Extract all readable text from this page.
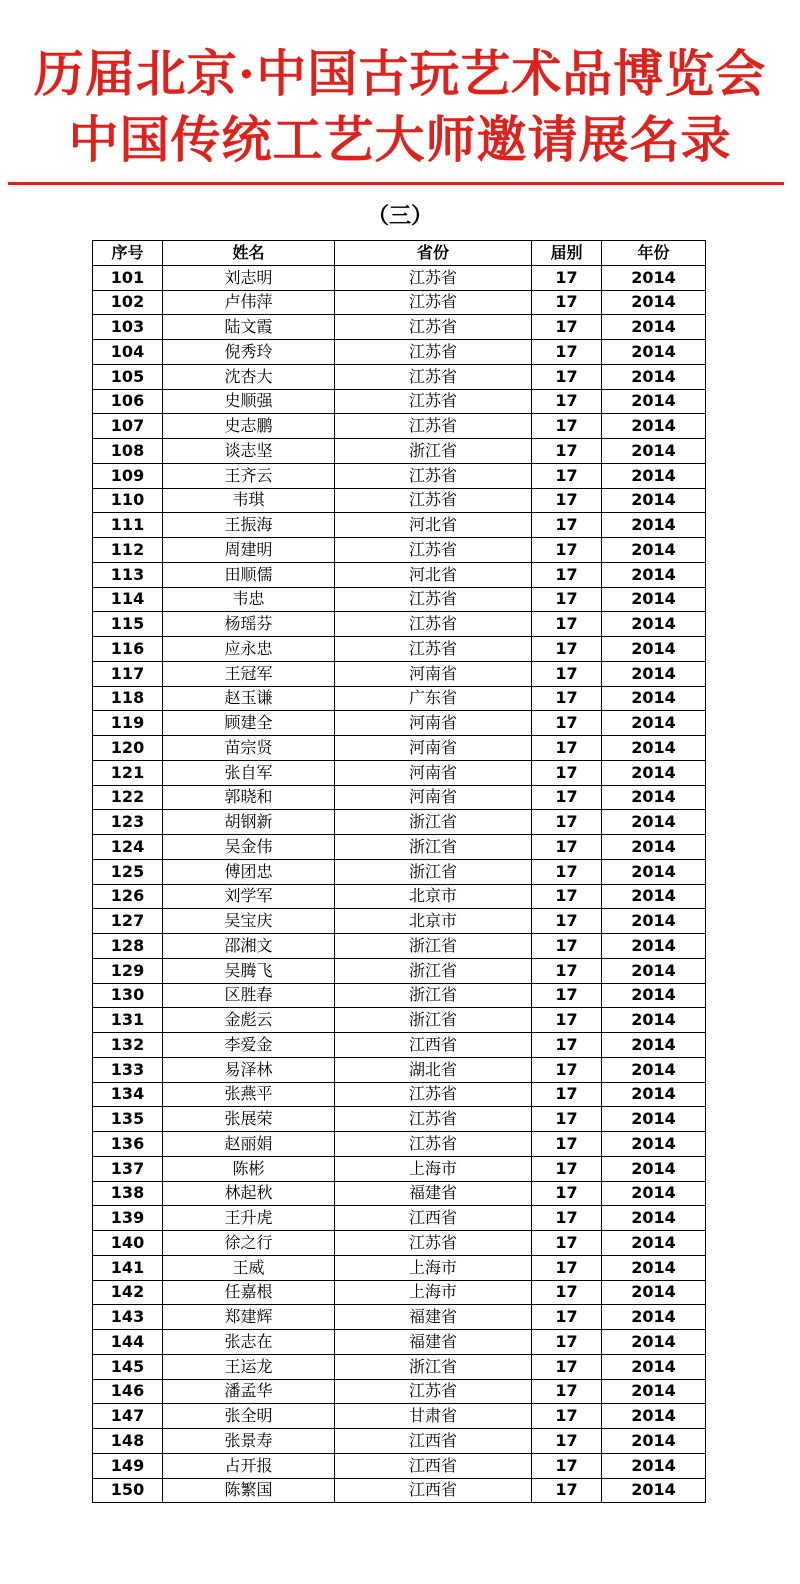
历届北京·中国古玩艺术品博览会
中国传统工艺大师邀请展名录
（三）
序号	姓名	省份	届别	年份
101	刘志明	江苏省	17	2014
102	卢伟萍	江苏省	17	2014
103	陆文霞	江苏省	17	2014
104	倪秀玲	江苏省	17	2014
105	沈杏大	江苏省	17	2014
106	史顺强	江苏省	17	2014
107	史志鹏	江苏省	17	2014
108	谈志坚	浙江省	17	2014
109	王齐云	江苏省	17	2014
110	韦琪	江苏省	17	2014
111	王振海	河北省	17	2014
112	周建明	江苏省	17	2014
113	田顺儒	河北省	17	2014
114	韦忠	江苏省	17	2014
115	杨瑶芬	江苏省	17	2014
116	应永忠	江苏省	17	2014
117	王冠军	河南省	17	2014
118	赵玉谦	广东省	17	2014
119	顾建全	河南省	17	2014
120	苗宗贤	河南省	17	2014
121	张自军	河南省	17	2014
122	郭晓和	河南省	17	2014
123	胡钢新	浙江省	17	2014
124	吴金伟	浙江省	17	2014
125	傅团忠	浙江省	17	2014
126	刘学军	北京市	17	2014
127	吴宝庆	北京市	17	2014
128	邵湘文	浙江省	17	2014
129	吴腾飞	浙江省	17	2014
130	区胜春	浙江省	17	2014
131	金彪云	浙江省	17	2014
132	李爱金	江西省	17	2014
133	易泽林	湖北省	17	2014
134	张燕平	江苏省	17	2014
135	张展荣	江苏省	17	2014
136	赵丽娟	江苏省	17	2014
137	陈彬	上海市	17	2014
138	林起秋	福建省	17	2014
139	王升虎	江西省	17	2014
140	徐之行	江苏省	17	2014
141	王威	上海市	17	2014
142	任嘉根	上海市	17	2014
143	郑建辉	福建省	17	2014
144	张志在	福建省	17	2014
145	王运龙	浙江省	17	2014
146	潘孟华	江苏省	17	2014
147	张全明	甘肃省	17	2014
148	张景寿	江西省	17	2014
149	占开报	江西省	17	2014
150	陈繁国	江西省	17	2014
